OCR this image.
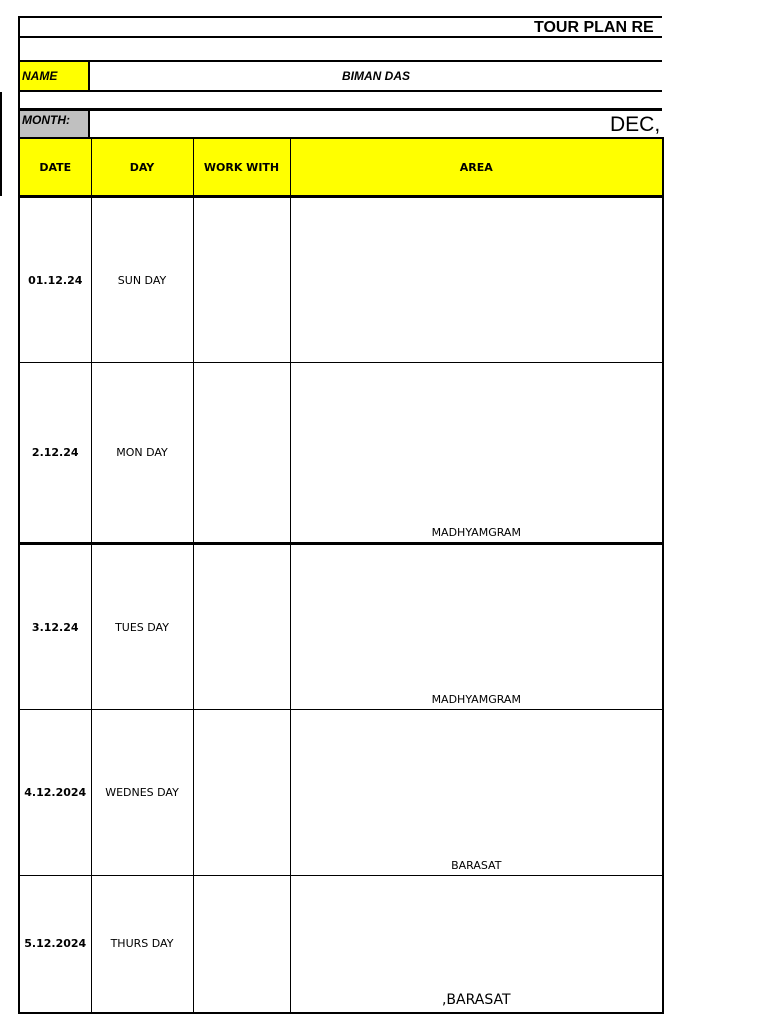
TOUR PLAN RE
NAME	BIMAN DAS
MONTH:	DEC,
DATE	DAY	WORK WITH	AREA
01.12.24	SUN DAY		

2.12.24	MON DAY		MADHYAMGRAM

3.12.24	TUES DAY		MADHYAMGRAM

4.12.2024	WEDNES DAY		BARASAT

5.12.2024	THURS DAY		,BARASAT
